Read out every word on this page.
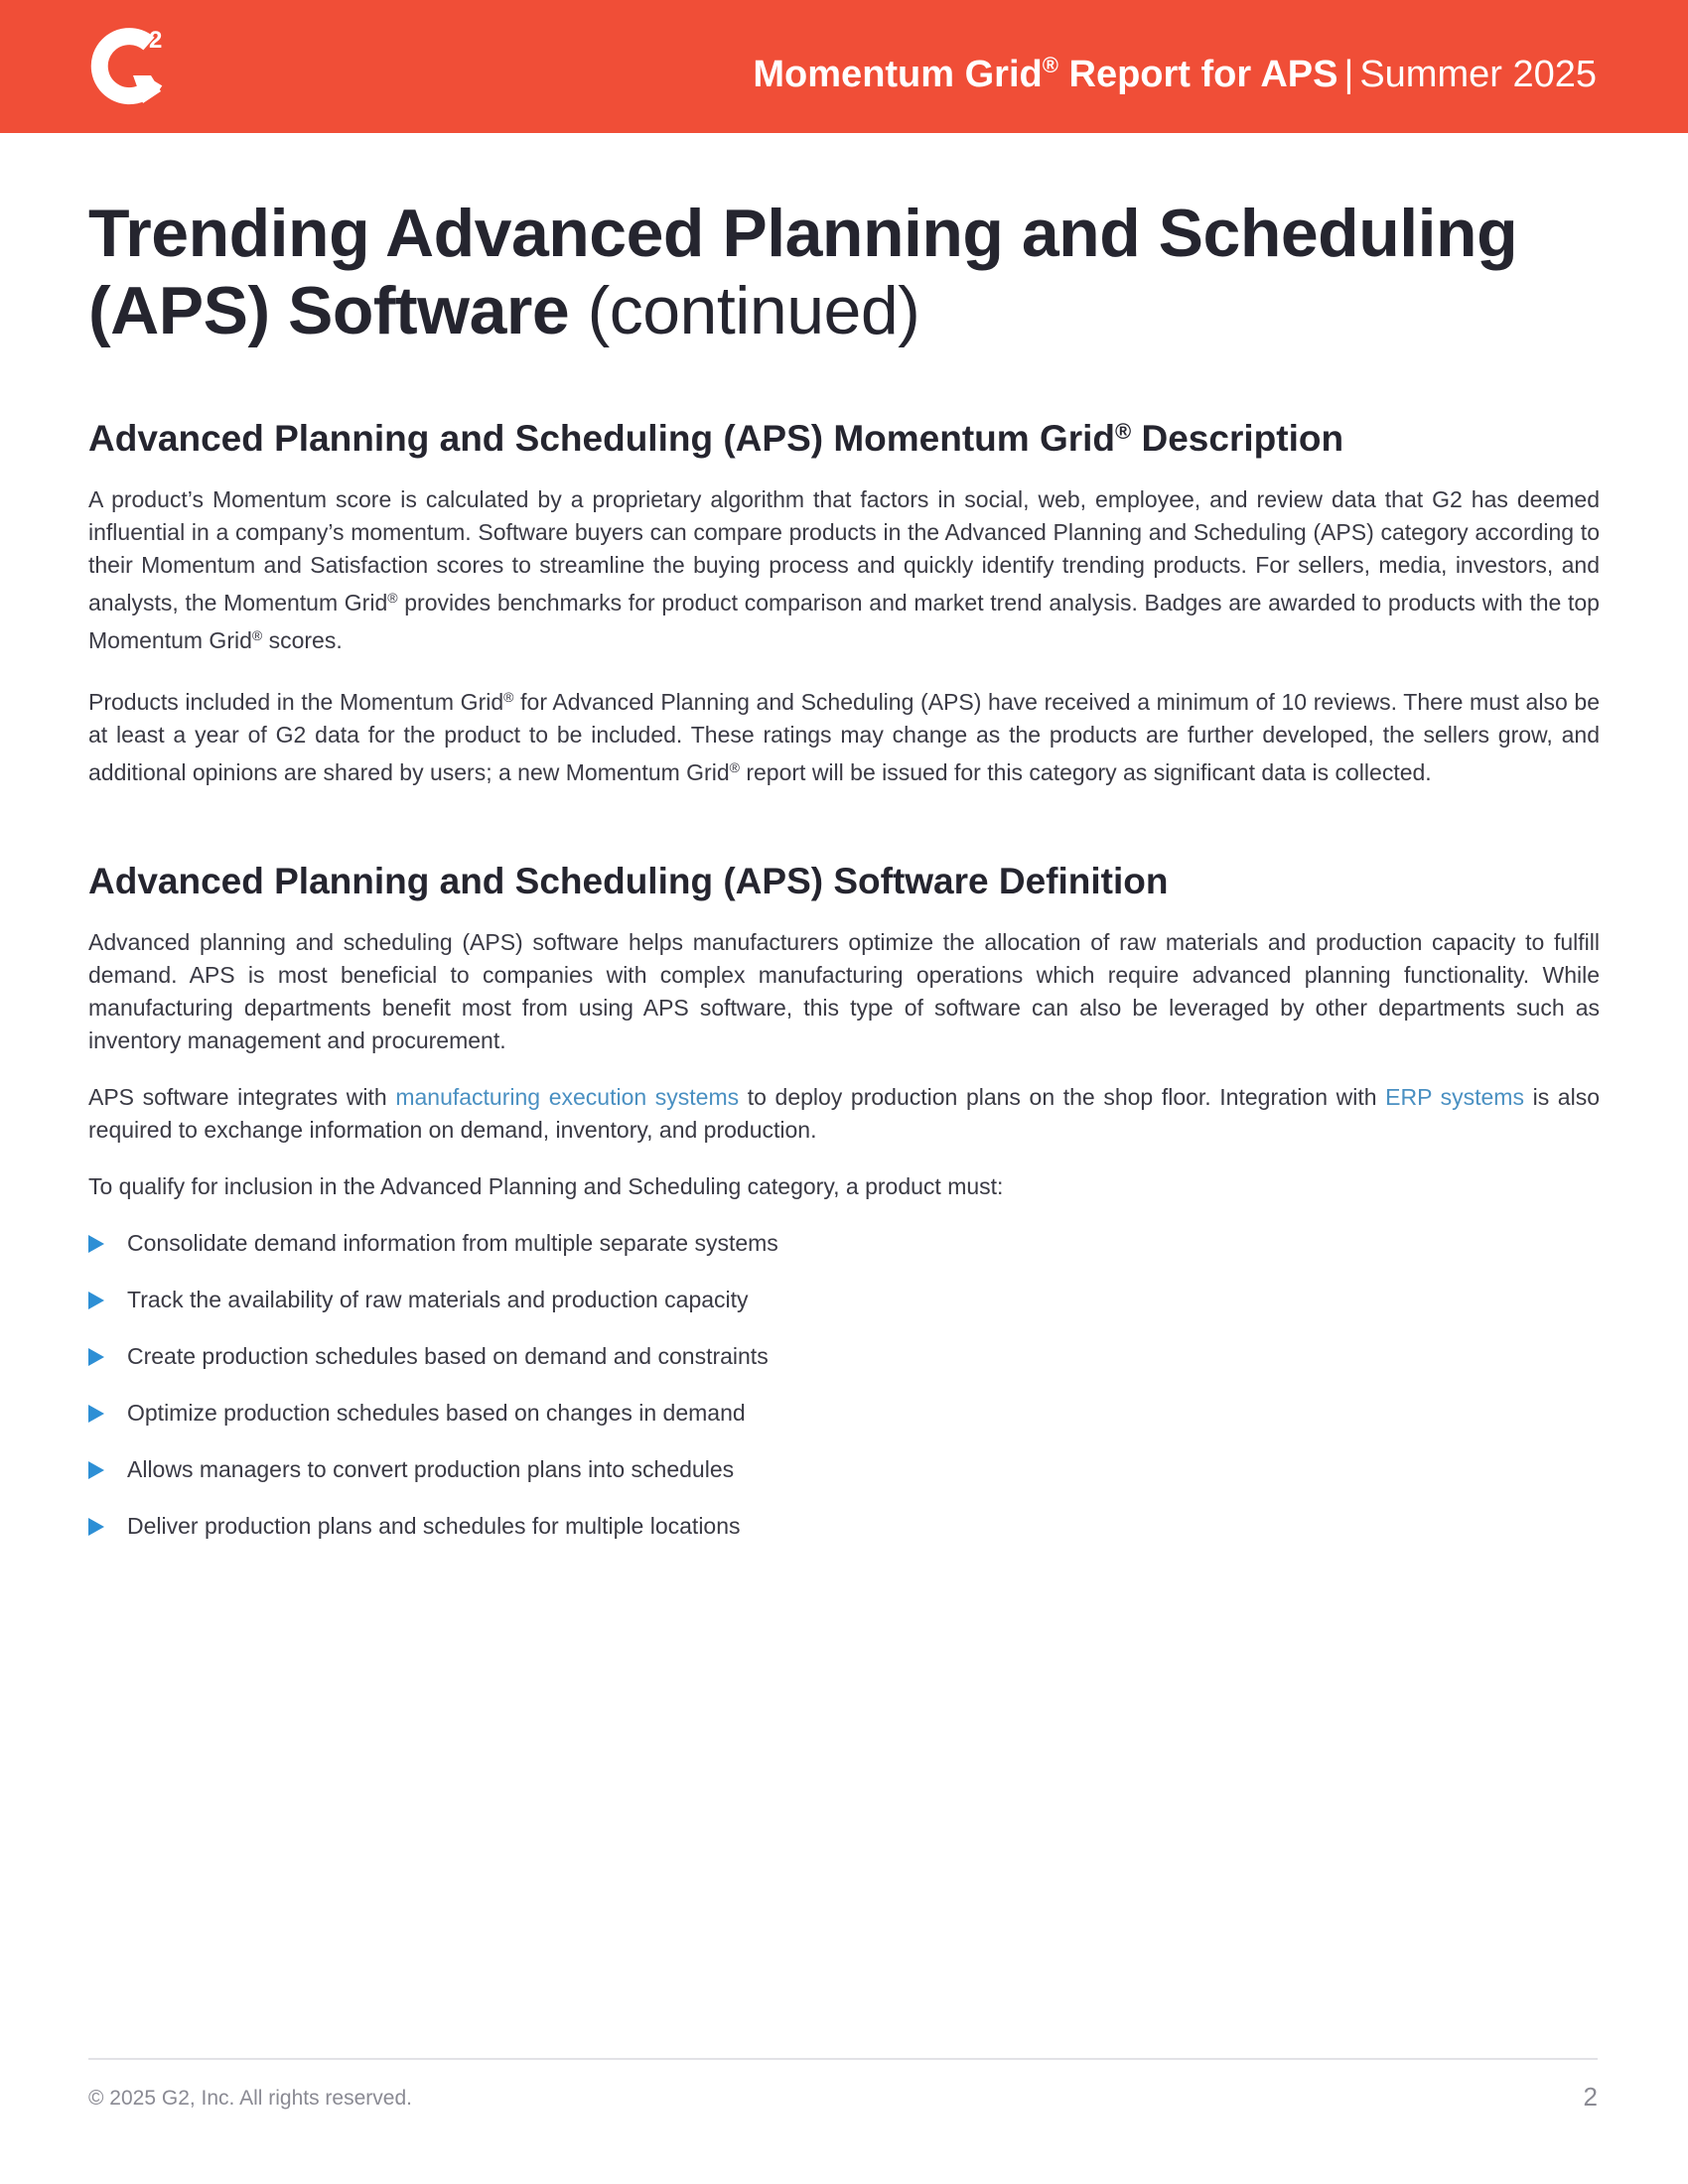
2
Momentum Grid® Report for APS | Summer 2025
Trending Advanced Planning and Scheduling
(APS) Software (continued)
Advanced Planning and Scheduling (APS) Momentum Grid® Description

A product’s Momentum score is calculated by a proprietary algorithm that factors in social, web, employee, and review data that G2 has deemed influential in a company’s momentum. Software buyers can compare products in the Advanced Planning and Scheduling (APS) category according to their Momentum and Satisfaction scores to streamline the buying process and quickly identify trending products. For sellers, media, investors, and analysts, the Momentum Grid® provides benchmarks for product comparison and market trend analysis. Badges are awarded to products with the top Momentum Grid® scores.

Products included in the Momentum Grid® for Advanced Planning and Scheduling (APS) have received a minimum of 10 reviews. There must also be at least a year of G2 data for the product to be included. These ratings may change as the products are further developed, the sellers grow, and additional opinions are shared by users; a new Momentum Grid® report will be issued for this category as significant data is collected.

Advanced Planning and Scheduling (APS) Software Definition

Advanced planning and scheduling (APS) software helps manufacturers optimize the allocation of raw materials and production capacity to fulfill demand. APS is most beneficial to companies with complex manufacturing operations which require advanced planning functionality. While manufacturing departments benefit most from using APS software, this type of software can also be leveraged by other departments such as inventory management and procurement.

APS software integrates with manufacturing execution systems to deploy production plans on the shop floor. Integration with ERP systems is also required to exchange information on demand, inventory, and production.

To qualify for inclusion in the Advanced Planning and Scheduling category, a product must:

Consolidate demand information from multiple separate systems
Track the availability of raw materials and production capacity
Create production schedules based on demand and constraints
Optimize production schedules based on changes in demand
Allows managers to convert production plans into schedules
Deliver production plans and schedules for multiple locations
© 2025 G2, Inc. All rights reserved.	2
